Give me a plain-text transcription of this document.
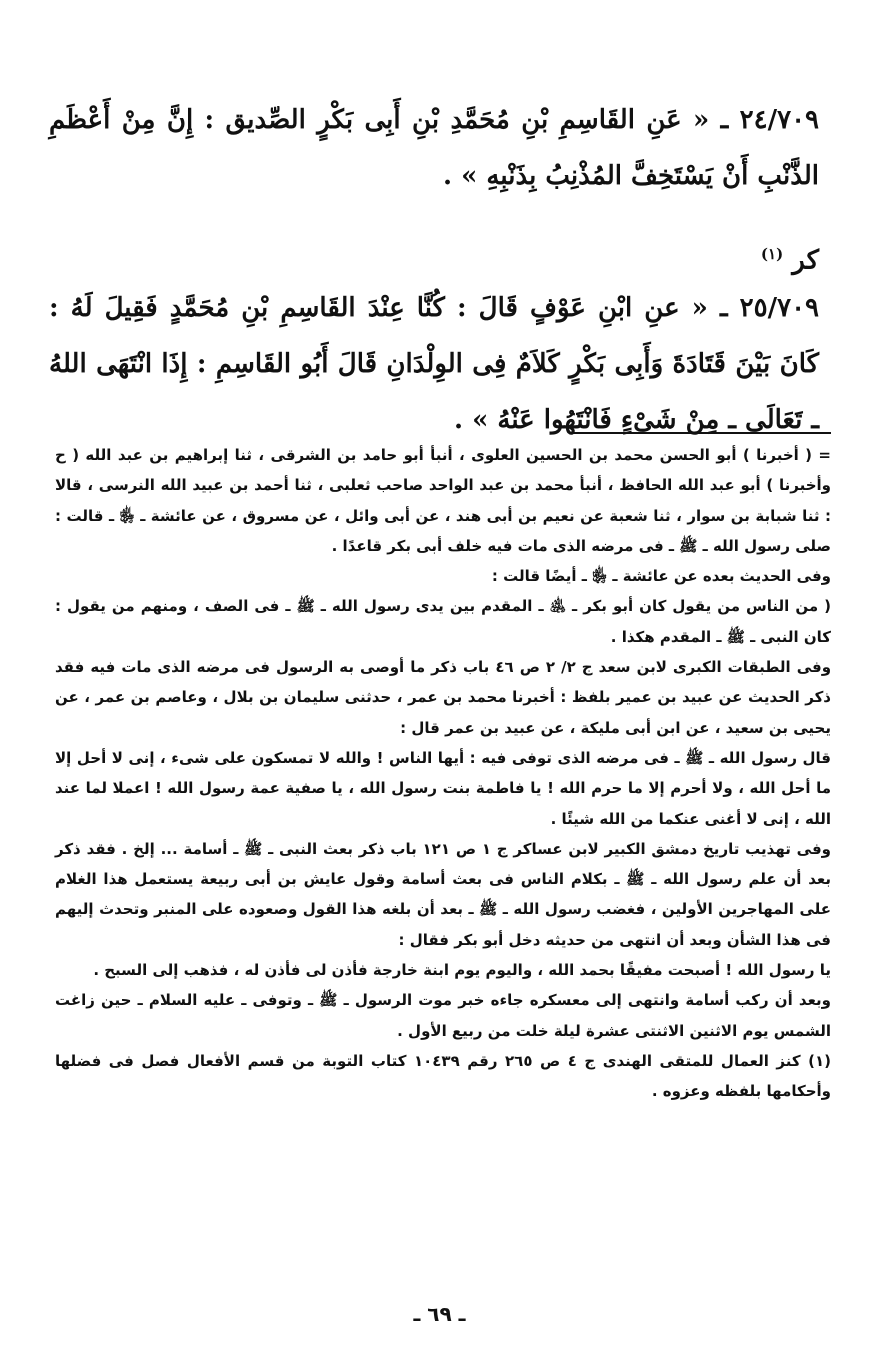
٢٤/٧٠٩ ـ « عَنِ القَاسِمِ بْنِ مُحَمَّدِ بْنِ أَبِى بَكْرٍ الصِّديق : إِنَّ مِنْ أَعْظَمِ الذَّنْبِ أَنْ يَسْتَخِفَّ المُذْنِبُ بِذَنْبِهِ » .

كر $^{(١)}$

٢٥/٧٠٩ ـ « عنِ ابْنِ عَوْفٍ قَالَ : كُنَّا عِنْدَ القَاسِمِ بْنِ مُحَمَّدٍ فَقِيلَ لَهُ : كَانَ بَيْنَ قَتَادَةَ وَأَبِى بَكْرٍ كَلاَمٌ فِى الوِلْدَانِ قَالَ أَبُو القَاسِمِ : إِذَا انْتَهَى اللهُ ـ تَعَالَى ـ مِنْ شَىْءٍ فَانْتَهُوا عَنْهُ » .

= ( أخبرنا ) أبو الحسن محمد بن الحسين العلوى ، أنبأ أبو حامد بن الشرقى ، ثنا إبراهيم بن عبد الله ( ح وأخبرنا ) أبو عبد الله الحافظ ، أنبأ محمد بن عبد الواحد صاحب ثعلبى ، ثنا أحمد بن عبيد الله النرسى ، قالا : ثنا شبابة بن سوار ، ثنا شعبة عن نعيم بن أبى هند ، عن أبى وائل ، عن مسروق ، عن عائشة ـ ﵂ ـ قالت : صلى رسول الله ـ ﷺ ـ فى مرضه الذى مات فيه خلف أبى بكر قاعدًا .

وفى الحديث بعده عن عائشة ـ ﵂ ـ أيضًا قالت :

( من الناس من يقول كان أبو بكر ـ ﵁ ـ المقدم بين يدى رسول الله ـ ﷺ ـ فى الصف ، ومنهم من يقول : كان النبى ـ ﷺ ـ المقدم هكذا .

وفى الطبقات الكبرى لابن سعد ج ٢/ ٢ ص ٤٦ باب ذكر ما أوصى به الرسول فى مرضه الذى مات فيه فقد ذكر الحديث عن عبيد بن عمير بلفظ : أخبرنا محمد بن عمر ، حدثنى سليمان بن بلال ، وعاصم بن عمر ، عن يحيى بن سعيد ، عن ابن أبى مليكة ، عن عبيد بن عمر قال :

قال رسول الله ـ ﷺ ـ فى مرضه الذى توفى فيه : أيها الناس ! والله لا تمسكون على شىء ، إنى لا أحل إلا ما أحل الله ، ولا أحرم إلا ما حرم الله ! يا فاطمة بنت رسول الله ، يا صفية عمة رسول الله ! اعملا لما عند الله ، إنى لا أغنى عنكما من الله شيئًا .

وفى تهذيب تاريخ دمشق الكبير لابن عساكر ج ١ ص ١٢١ باب ذكر بعث النبى ـ ﷺ ـ أسامة ... إلخ . فقد ذكر بعد أن علم رسول الله ـ ﷺ ـ بكلام الناس فى بعث أسامة وقول عايش بن أبى ربيعة يستعمل هذا الغلام على المهاجرين الأولين ، فغضب رسول الله ـ ﷺ ـ بعد أن بلغه هذا القول وصعوده على المنبر وتحدث إليهم فى هذا الشأن وبعد أن انتهى من حديثه دخل أبو بكر فقال :

يا رسول الله ! أصبحت مفيقًا بحمد الله ، واليوم يوم ابنة خارجة فأذن لى فأذن له ، فذهب إلى السبح .

وبعد أن ركب أسامة وانتهى إلى معسكره جاءه خبر موت الرسول ـ ﷺ ـ وتوفى ـ عليه السلام ـ حين زاغت الشمس يوم الاثنين الاثنتى عشرة ليلة خلت من ربيع الأول .

(١) كنز العمال للمتقى الهندى ج ٤ ص ٢٦٥ رقم ١٠٤٣٩ كتاب التوبة من قسم الأفعال فصل فى فضلها وأحكامها بلفظه وعزوه .

ـ ٦٩ ـ
